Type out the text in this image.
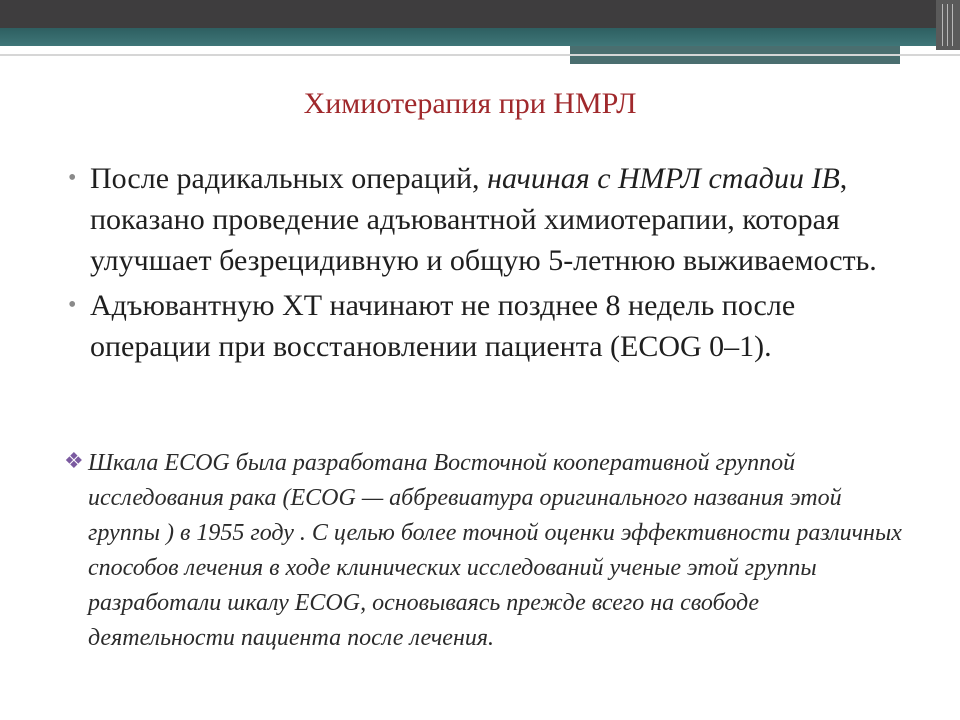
Химиотерапия при НМРЛ
• После радикальных операций, начиная с НМРЛ стадии IB, показано проведение адъювантной химиотерапии, которая улучшает безрецидивную и общую 5-летнюю выживаемость.
• Адъювантную ХТ начинают не позднее 8 недель после операции при восстановлении пациента (ECOG 0–1).
❖ Шкала ECOG была разработана Восточной кооперативной группой исследования рака (ECOG — аббревиатура оригинального названия этой группы ) в 1955 году . С целью более точной оценки эффективности различных способов лечения в ходе клинических исследований ученые этой группы разработали шкалу ECOG, основываясь прежде всего на свободе деятельности пациента после лечения.
